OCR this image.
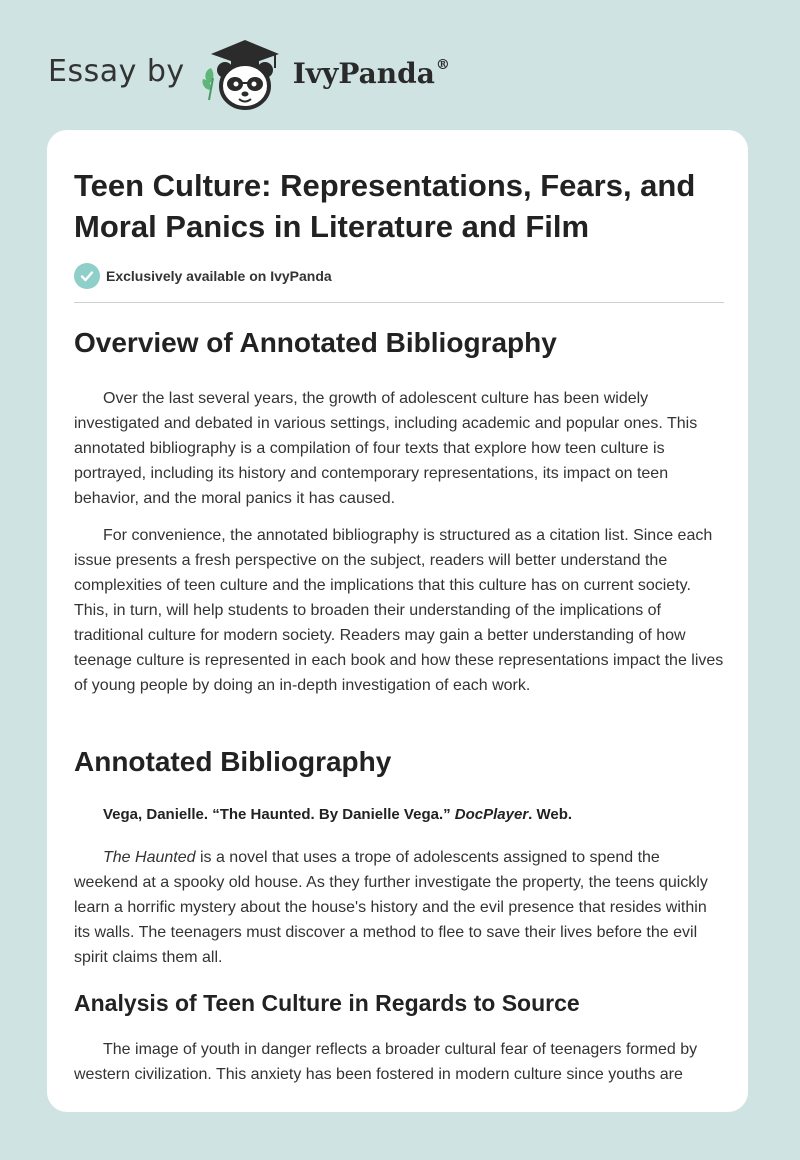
Essay by	IvyPanda®
Teen Culture: Representations, Fears, and Moral Panics in Literature and Film
Exclusively available on IvyPanda
Overview of Annotated Bibliography

Over the last several years, the growth of adolescent culture has been widely investigated and debated in various settings, including academic and popular ones. This annotated bibliography is a compilation of four texts that explore how teen culture is portrayed, including its history and contemporary representations, its impact on teen behavior, and the moral panics it has caused.

For convenience, the annotated bibliography is structured as a citation list. Since each issue presents a fresh perspective on the subject, readers will better understand the complexities of teen culture and the implications that this culture has on current society. This, in turn, will help students to broaden their understanding of the implications of traditional culture for modern society. Readers may gain a better understanding of how teenage culture is represented in each book and how these representations impact the lives of young people by doing an in-depth investigation of each work.

Annotated Bibliography

Vega, Danielle. “The Haunted. By Danielle Vega.” DocPlayer. Web.

The Haunted is a novel that uses a trope of adolescents assigned to spend the weekend at a spooky old house. As they further investigate the property, the teens quickly learn a horrific mystery about the house's history and the evil presence that resides within its walls. The teenagers must discover a method to flee to save their lives before the evil spirit claims them all.

Analysis of Teen Culture in Regards to Source

The image of youth in danger reflects a broader cultural fear of teenagers formed by western civilization. This anxiety has been fostered in modern culture since youths are
